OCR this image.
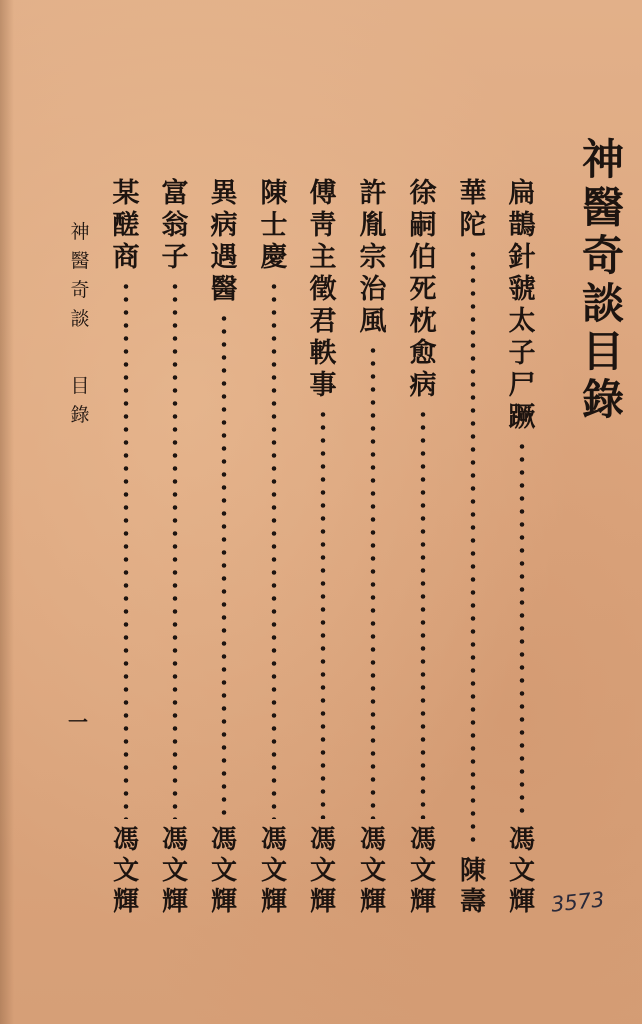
神醫奇談目錄
扁鵲針虢太子尸蹶
馮文輝
華陀
陳 壽
徐嗣伯死枕愈病
馮文輝
許胤宗治風
馮文輝
傅靑主徵君軼事
馮文輝
陳士慶
馮文輝
異病遇醫
馮文輝
富翁子
馮文輝
某醝商
馮文輝
神醫奇談
目錄
一
3573
